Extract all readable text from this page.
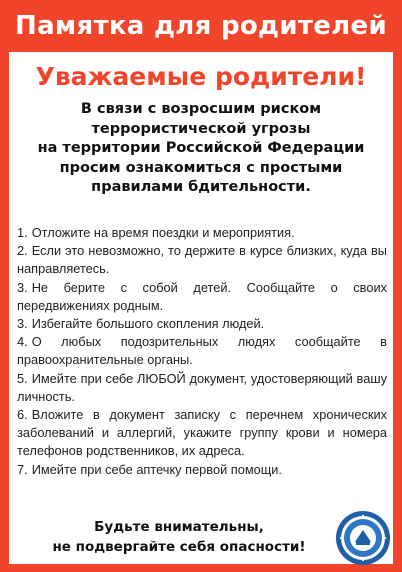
Памятка для родителей
Уважаемые родители!
В связи с возросшим риском
террористической угрозы
на территории Российской Федерации
просим ознакомиться с простыми
правилами бдительности.

1. Отложите на время поездки и мероприятия.

2. Если это невозможно, то держите в курсе близких, куда вы направляетесь.

3. Не берите с собой детей. Сообщайте о своих передвижениях родным.

3. Избегайте большого скопления людей.

4. О любых подозрительных людях сообщайте в правоохранительные органы.

5. Имейте при себе ЛЮБОЙ документ, удостоверяющий вашу личность.

6. Вложите в документ записку с перечнем хронических заболеваний и аллергий, укажите группу крови и номера телефонов родственников, их адреса.

7. Имейте при себе аптечку первой помощи.

Будьте внимательны,
не подвергайте себя опасности!
